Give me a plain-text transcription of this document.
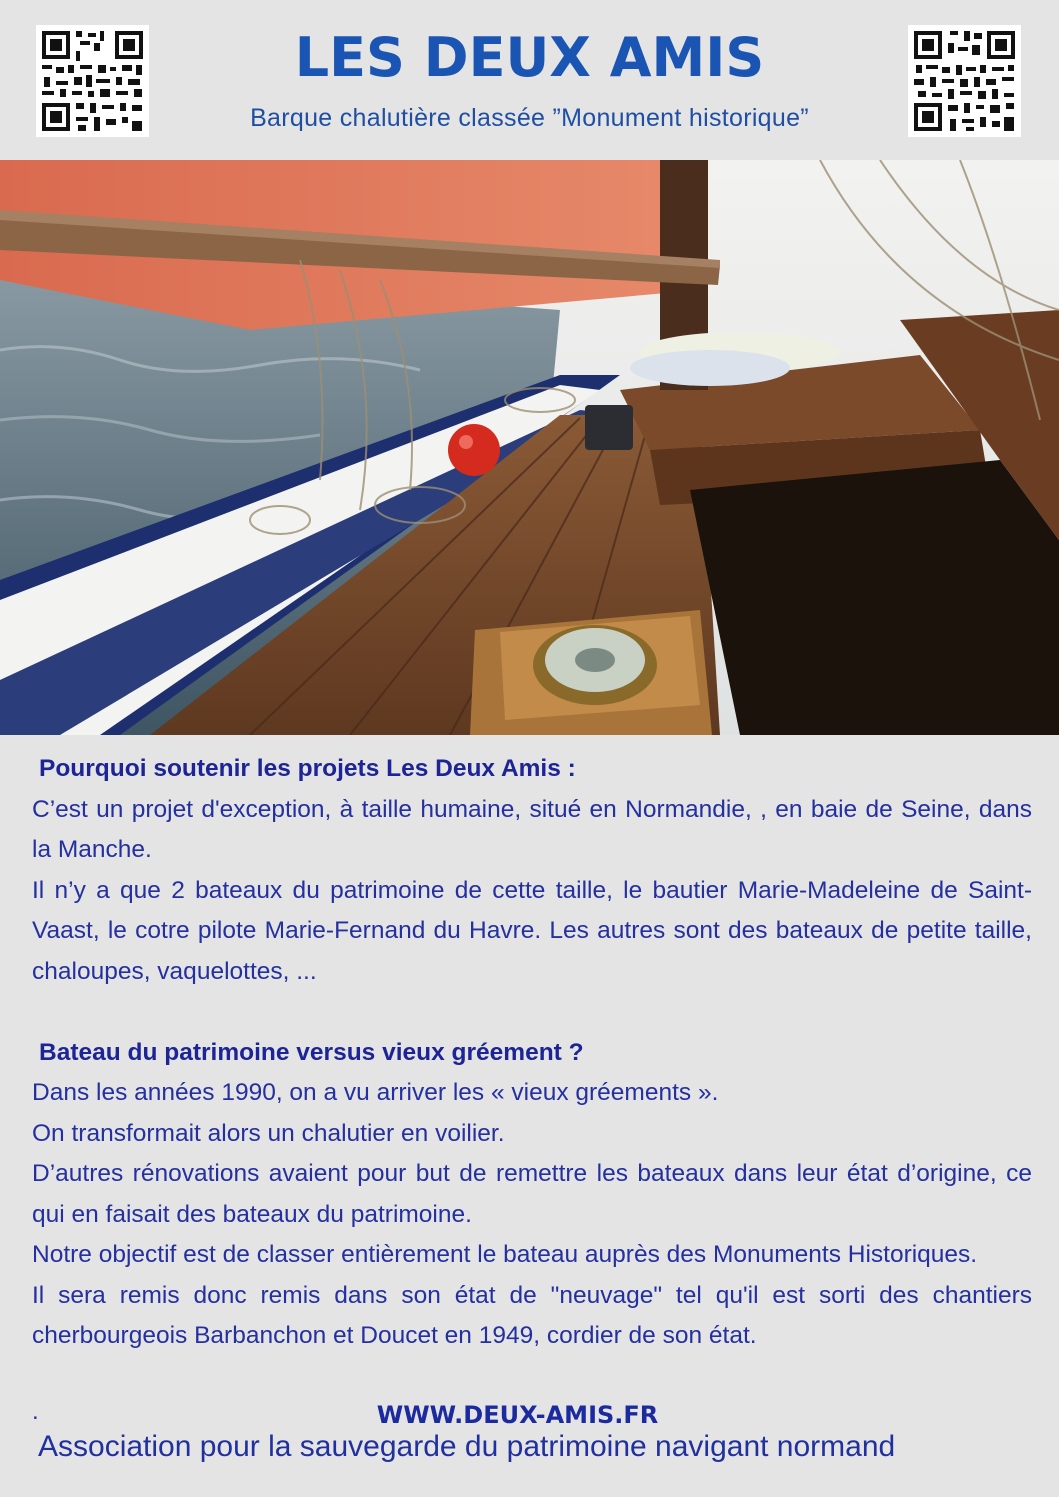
LES DEUX AMIS
Barque chalutière classée ”Monument historique”
Pourquoi soutenir les projets Les Deux Amis :

C’est un projet d'exception, à taille humaine, situé en Normandie, , en baie de Seine, dans la Manche.

Il n’y a que 2 bateaux du patrimoine de cette taille, le bautier Marie-Madeleine de Saint-Vaast, le cotre pilote Marie-Fernand du Havre. Les autres sont des bateaux de petite taille, chaloupes, vaquelottes, ...

Bateau du patrimoine versus vieux gréement ?

Dans les années 1990, on a vu arriver les « vieux gréements ».

On transformait alors un chalutier en voilier.

D’autres rénovations avaient pour but de remettre les bateaux dans leur état d’origine, ce qui en faisait des bateaux du patrimoine.

Notre objectif est de classer entièrement le bateau auprès des Monuments Historiques.

Il sera remis donc remis dans son état de "neuvage" tel qu'il est sorti des chantiers cherbourgeois Barbanchon et Doucet en 1949, cordier de son état.

.	WWW.DEUX-AMIS.FR
Association pour la sauvegarde du patrimoine navigant normand
